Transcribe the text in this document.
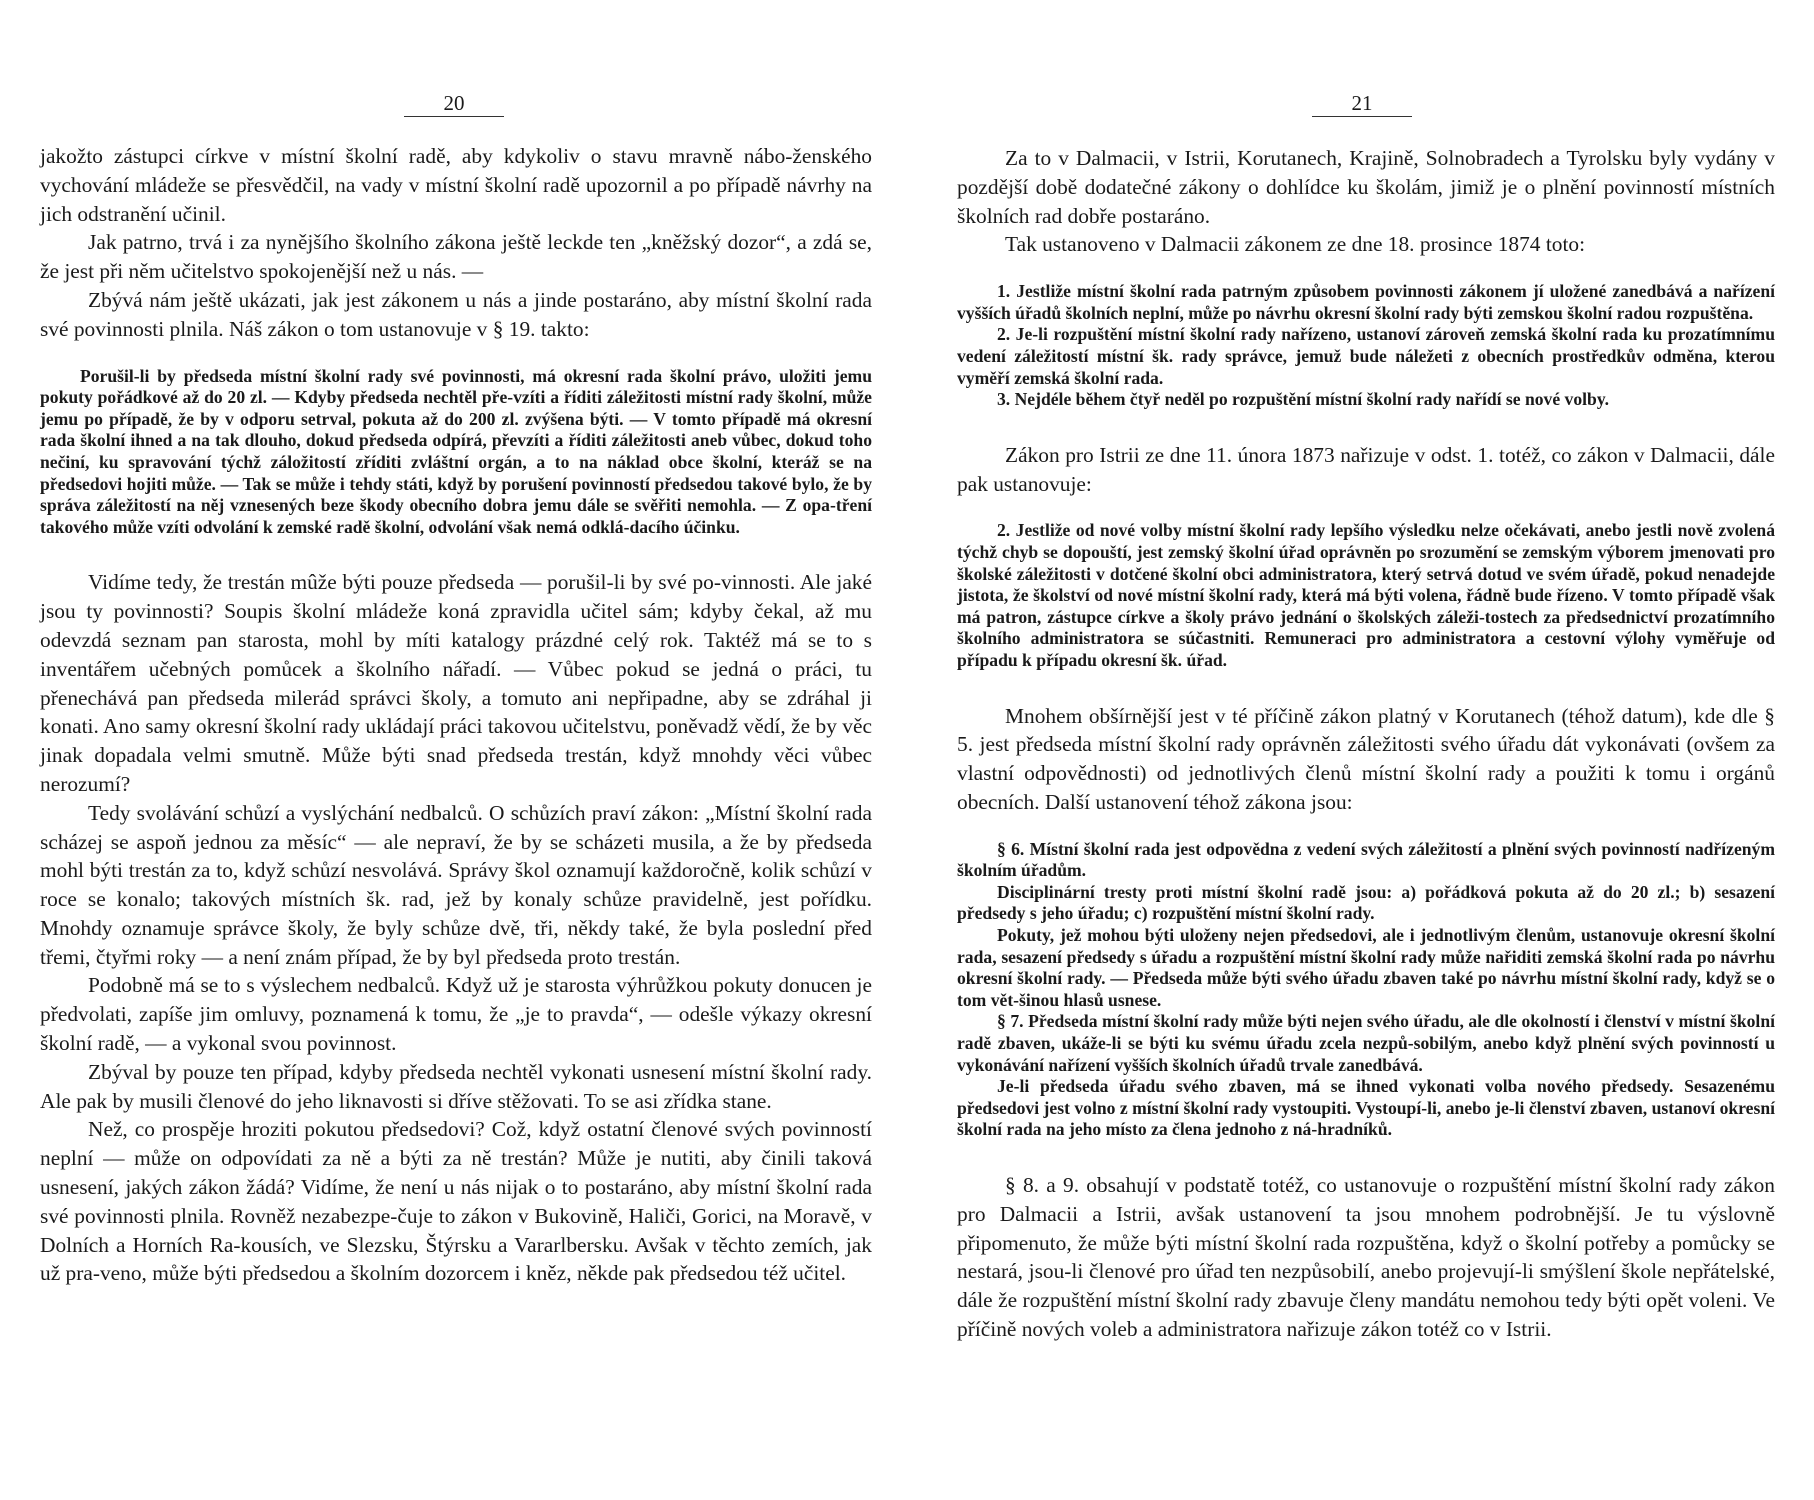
20

jakožto zástupci církve v místní školní radě, aby kdykoliv o stavu mravně nábo-ženského vychování mládeže se přesvědčil, na vady v místní školní radě upozornil a po případě návrhy na jich odstranění učinil.

Jak patrno, trvá i za nynějšího školního zákona ještě leckde ten „kněžský dozor“, a zdá se, že jest při něm učitelstvo spokojenější než u nás. —

Zbývá nám ještě ukázati, jak jest zákonem u nás a jinde postaráno, aby místní školní rada své povinnosti plnila. Náš zákon o tom ustanovuje v § 19. takto:

Porušil-li by předseda místní školní rady své povinnosti, má okresní rada školní právo, uložiti jemu pokuty pořádkové až do 20 zl. — Kdyby předseda nechtěl pře-vzíti a říditi záležitosti místní rady školní, může jemu po případě, že by v odporu setrval, pokuta až do 200 zl. zvýšena býti. — V tomto případě má okresní rada školní ihned a na tak dlouho, dokud předseda odpírá, převzíti a říditi záležitosti aneb vůbec, dokud toho nečiní, ku spravování týchž záložitostí zříditi zvláštní orgán, a to na náklad obce školní, kteráž se na předsedovi hojiti může. — Tak se může i tehdy státi, když by porušení povinností předsedou takové bylo, že by správa záležitostí na něj vznesených beze škody obecního dobra jemu dále se svěřiti nemohla. — Z opa-tření takového může vzíti odvolání k zemské radě školní, odvolání však nemá odklá-dacího účinku.

Vidíme tedy, že trestán mûže býti pouze předseda — porušil-li by své po-vinnosti. Ale jaké jsou ty povinnosti? Soupis školní mládeže koná zpravidla učitel sám; kdyby čekal, až mu odevzdá seznam pan starosta, mohl by míti katalogy prázdné celý rok. Taktéž má se to s inventářem učebných pomůcek a školního nářadí. — Vůbec pokud se jedná o práci, tu přenechává pan předseda milerád správci školy, a tomuto ani nepřipadne, aby se zdráhal ji konati. Ano samy okresní školní rady ukládají práci takovou učitelstvu, poněvadž vědí, že by věc jinak dopadala velmi smutně. Může býti snad předseda trestán, když mnohdy věci vůbec nerozumí?

Tedy svolávání schůzí a vyslýchání nedbalců. O schůzích praví zákon: „Místní školní rada scházej se aspoň jednou za měsíc“ — ale nepraví, že by se scházeti musila, a že by předseda mohl býti trestán za to, když schůzí nesvolává. Správy škol oznamují každoročně, kolik schůzí v roce se konalo; takových místních šk. rad, jež by konaly schůze pravidelně, jest pořídku. Mnohdy oznamuje správce školy, že byly schůze dvě, tři, někdy také, že byla poslední před třemi, čtyřmi roky — a není znám případ, že by byl předseda proto trestán.

Podobně má se to s výslechem nedbalců. Když už je starosta výhrůžkou pokuty donucen je předvolati, zapíše jim omluvy, poznamená k tomu, že „je to pravda“, — odešle výkazy okresní školní radě, — a vykonal svou povinnost.

Zbýval by pouze ten případ, kdyby předseda nechtěl vykonati usnesení místní školní rady. Ale pak by musili členové do jeho liknavosti si dříve stěžovati. To se asi zřídka stane.

Než, co prospěje hroziti pokutou předsedovi? Což, když ostatní členové svých povinností neplní — může on odpovídati za ně a býti za ně trestán? Může je nutiti, aby činili taková usnesení, jakých zákon žádá? Vidíme, že není u nás nijak o to postaráno, aby místní školní rada své povinnosti plnila. Rovněž nezabezpe-čuje to zákon v Bukovině, Haliči, Gorici, na Moravě, v Dolních a Horních Ra-kousích, ve Slezsku, Štýrsku a Vararlbersku. Avšak v těchto zemích, jak už pra-veno, může býti předsedou a školním dozorcem i kněz, někde pak předsedou též učitel.

21

Za to v Dalmacii, v Istrii, Korutanech, Krajině, Solnobradech a Tyrolsku byly vydány v pozdější době dodatečné zákony o dohlídce ku školám, jimiž je o plnění povinností místních školních rad dobře postaráno.

Tak ustanoveno v Dalmacii zákonem ze dne 18. prosince 1874 toto:

1. Jestliže místní školní rada patrným způsobem povinnosti zákonem jí uložené zanedbává a nařízení vyšších úřadů školních neplní, může po návrhu okresní školní rady býti zemskou školní radou rozpuštěna.

2. Je-li rozpuštění místní školní rady nařízeno, ustanoví zároveň zemská školní rada ku prozatímnímu vedení záležitostí místní šk. rady správce, jemuž bude náležeti z obecních prostředkův odměna, kterou vyměří zemská školní rada.

3. Nejdéle během čtyř neděl po rozpuštění místní školní rady nařídí se nové volby.

Zákon pro Istrii ze dne 11. února 1873 nařizuje v odst. 1. totéž, co zákon v Dalmacii, dále pak ustanovuje:

2. Jestliže od nové volby místní školní rady lepšího výsledku nelze očekávati, anebo jestli nově zvolená týchž chyb se dopouští, jest zemský školní úřad oprávněn po srozumění se zemským výborem jmenovati pro školské záležitosti v dotčené školní obci administratora, který setrvá dotud ve svém úřadě, pokud nenadejde jistota, že školství od nové místní školní rady, která má býti volena, řádně bude řízeno. V tomto případě však má patron, zástupce církve a školy právo jednání o školských záleži-tostech za předsednictví prozatímního školního administratora se súčastniti. Remuneraci pro administratora a cestovní výlohy vyměřuje od případu k případu okresní šk. úřad.

Mnohem obšírnější jest v té příčině zákon platný v Korutanech (téhož datum), kde dle § 5. jest předseda místní školní rady oprávněn záležitosti svého úřadu dát vykonávati (ovšem za vlastní odpovědnosti) od jednotlivých členů místní školní rady a použiti k tomu i orgánů obecních. Další ustanovení téhož zákona jsou:

§ 6. Místní školní rada jest odpovědna z vedení svých záležitostí a plnění svých povinností nadřízeným školním úřadům.

Disciplinární tresty proti místní školní radě jsou: a) pořádková pokuta až do 20 zl.; b) sesazení předsedy s jeho úřadu; c) rozpuštění místní školní rady.

Pokuty, jež mohou býti uloženy nejen předsedovi, ale i jednotlivým členům, ustanovuje okresní školní rada, sesazení předsedy s úřadu a rozpuštění místní školní rady může nařiditi zemská školní rada po návrhu okresní školní rady. — Předseda může býti svého úřadu zbaven také po návrhu místní školní rady, když se o tom vět-šinou hlasů usnese.

§ 7. Předseda místní školní rady může býti nejen svého úřadu, ale dle okolností i členství v místní školní radě zbaven, ukáže-li se býti ku svému úřadu zcela nezpů-sobilým, anebo když plnění svých povinností u vykonávání nařízení vyšších školních úřadů trvale zanedbává.

Je-li předseda úřadu svého zbaven, má se ihned vykonati volba nového předsedy. Sesazenému předsedovi jest volno z místní školní rady vystoupiti. Vystoupí-li, anebo je-li členství zbaven, ustanoví okresní školní rada na jeho místo za člena jednoho z ná-hradníků.

§ 8. a 9. obsahují v podstatě totéž, co ustanovuje o rozpuštění místní školní rady zákon pro Dalmacii a Istrii, avšak ustanovení ta jsou mnohem podrobnější. Je tu výslovně připomenuto, že může býti místní školní rada rozpuštěna, když o školní potřeby a pomůcky se nestará, jsou-li členové pro úřad ten nezpůsobilí, anebo projevují-li smýšlení škole nepřátelské, dále že rozpuštění místní školní rady zbavuje členy mandátu nemohou tedy býti opět voleni. Ve příčině nových voleb a administratora nařizuje zákon totéž co v Istrii.
